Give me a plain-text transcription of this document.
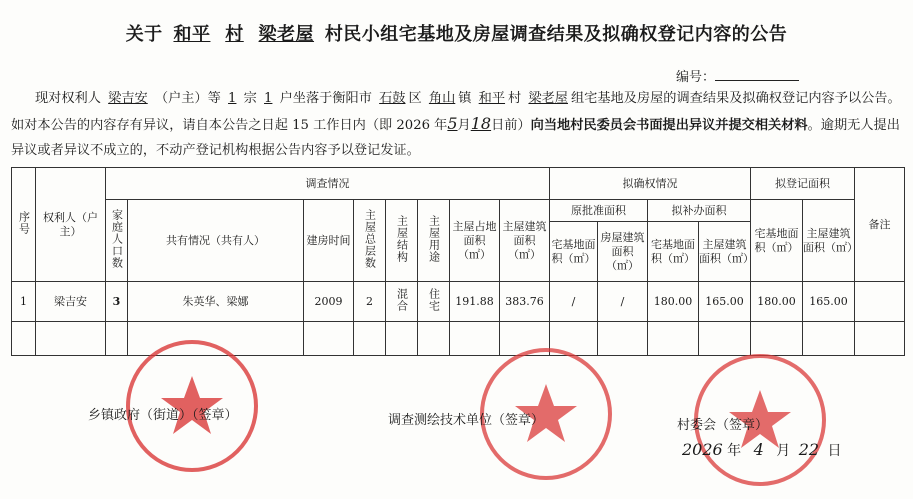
关于 和平 村 梁老屋 村民小组宅基地及房屋调查结果及拟确权登记内容的公告
编号：
现对权利人 梁吉安 （户主）等 1 宗 1 户坐落于衡阳市 石鼓 区 角山 镇 和平 村 梁老屋 组宅基地及房屋的调查结果及拟确权登记内容予以公告。如对本公告的内容存有异议，请自本公告之日起 15 工作日内（即 2026 年5月18日前）向当地村民委员会书面提出异议并提交相关材料。逾期无人提出异议或者异议不成立的，不动产登记机构根据公告内容予以登记发证。
序号	权利人（户主）	调查情况								拟确权情况				拟登记面积		备注
		家庭人口数	共有情况（共有人）	建房时间	主屋总层数	主屋结构	主屋用途	主屋占地面积（㎡）	主屋建筑面积（㎡）	原批准面积		拟补办面积		宅基地面积（㎡）	主屋建筑面积（㎡）	
										宅基地面积（㎡）	房屋建筑面积（㎡）	宅基地面积（㎡）	主屋建筑面积（㎡）			
1	梁吉安	3	朱英华、梁娜	2009	2	混合	住宅	191.88	383.76	/	/	180.00	165.00	180.00	165.00	

乡镇政府（街道）（签章）	调查测绘技术单位（签章）	村委会（签章）
2026 年 4 月 22 日
